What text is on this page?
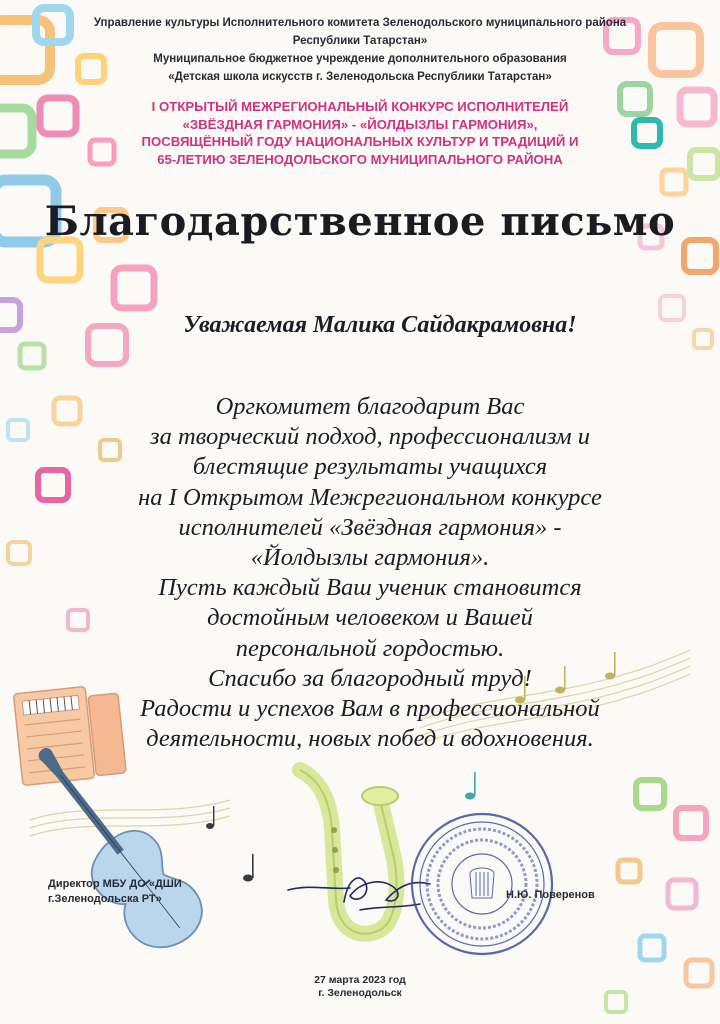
Управление культуры Исполнительного комитета Зеленодольского муниципального района
Республики Татарстан»
Муниципальное бюджетное учреждение дополнительного образования
«Детская школа искусств г. Зеленодольска Республики Татарстан»
I ОТКРЫТЫЙ МЕЖРЕГИОНАЛЬНЫЙ КОНКУРС ИСПОЛНИТЕЛЕЙ
«ЗВЁЗДНАЯ ГАРМОНИЯ» - «ЙОЛДЫЗЛЫ ГАРМОНИЯ»,
ПОСВЯЩЁННЫЙ ГОДУ НАЦИОНАЛЬНЫХ КУЛЬТУР И ТРАДИЦИЙ И
65-ЛЕТИЮ ЗЕЛЕНОДОЛЬСКОГО МУНИЦИПАЛЬНОГО РАЙОНА
Благодарственное письмо
Уважаемая Малика Сайдакрамовна!
Оргкомитет благодарит Вас
за творческий подход, профессионализм и
блестящие результаты учащихся
на I Открытом Межрегиональном конкурсе
исполнителей «Звёздная гармония» -
«Йолдызлы гармония».
Пусть каждый Ваш ученик становится
достойным человеком и Вашей
персональной гордостью.
Спасибо за благородный труд!
Радости и успехов Вам в профессиональной
деятельности, новых побед и вдохновения.
Директор МБУ ДО «ДШИ
г.Зеленодольска РТ»	Н.Ю. Поверенов
27 марта 2023 год
г. Зеленодольск
